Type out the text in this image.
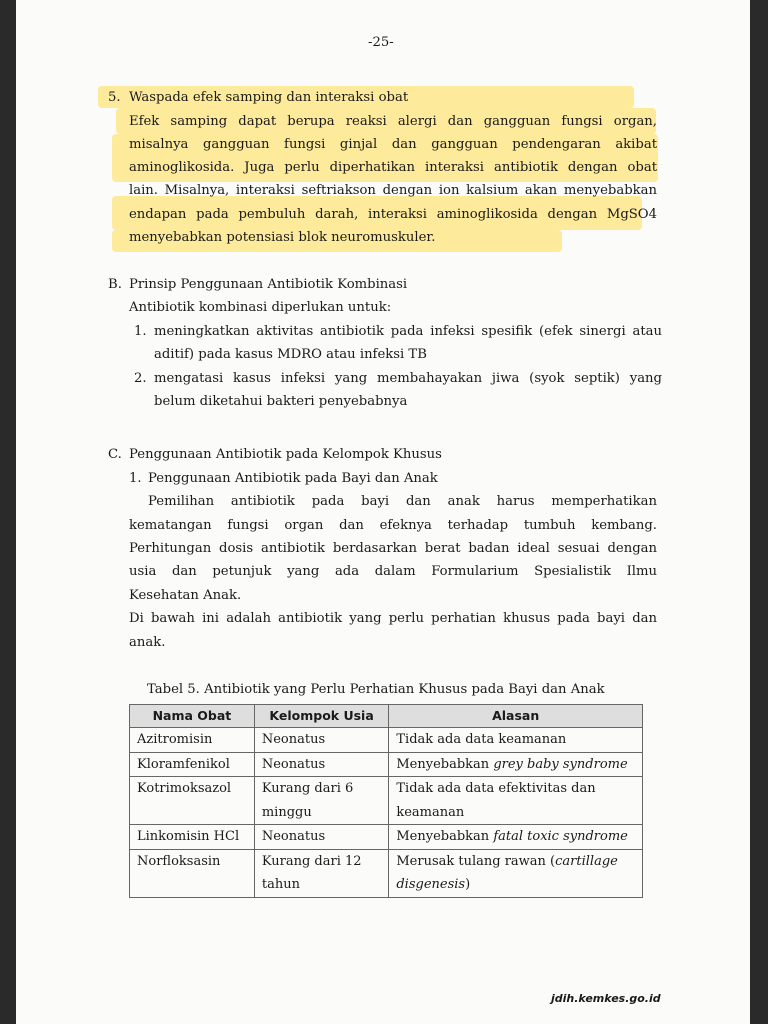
-25-
5. Waspada efek samping dan interaksi obat
Efek samping dapat berupa reaksi alergi dan gangguan fungsi organ,
misalnya gangguan fungsi ginjal dan gangguan pendengaran akibat
aminoglikosida. Juga perlu diperhatikan interaksi antibiotik dengan obat
lain. Misalnya, interaksi seftriakson dengan ion kalsium akan menyebabkan
endapan pada pembuluh darah, interaksi aminoglikosida dengan MgSO4
menyebabkan potensiasi blok neuromuskuler.
B. Prinsip Penggunaan Antibiotik Kombinasi
Antibiotik kombinasi diperlukan untuk:
1. meningkatkan aktivitas antibiotik pada infeksi spesifik (efek sinergi atau
aditif) pada kasus MDRO atau infeksi TB
2. mengatasi kasus infeksi yang membahayakan jiwa (syok septik) yang
belum diketahui bakteri penyebabnya
C. Penggunaan Antibiotik pada Kelompok Khusus
1. Penggunaan Antibiotik pada Bayi dan Anak
Pemilihan antibiotik pada bayi dan anak harus memperhatikan
kematangan fungsi organ dan efeknya terhadap tumbuh kembang.
Perhitungan dosis antibiotik berdasarkan berat badan ideal sesuai dengan
usia dan petunjuk yang ada dalam Formularium Spesialistik Ilmu
Kesehatan Anak.
Di bawah ini adalah antibiotik yang perlu perhatian khusus pada bayi dan
anak.
Tabel 5. Antibiotik yang Perlu Perhatian Khusus pada Bayi dan Anak
Nama Obat	Kelompok Usia	Alasan
Azitromisin	Neonatus	Tidak ada data keamanan
Kloramfenikol	Neonatus	Menyebabkan grey baby syndrome
Kotrimoksazol	Kurang dari 6 minggu	Tidak ada data efektivitas dan keamanan
Linkomisin HCl	Neonatus	Menyebabkan fatal toxic syndrome
Norfloksasin	Kurang dari 12 tahun	Merusak tulang rawan (cartillage disgenesis)
jdih.kemkes.go.id
